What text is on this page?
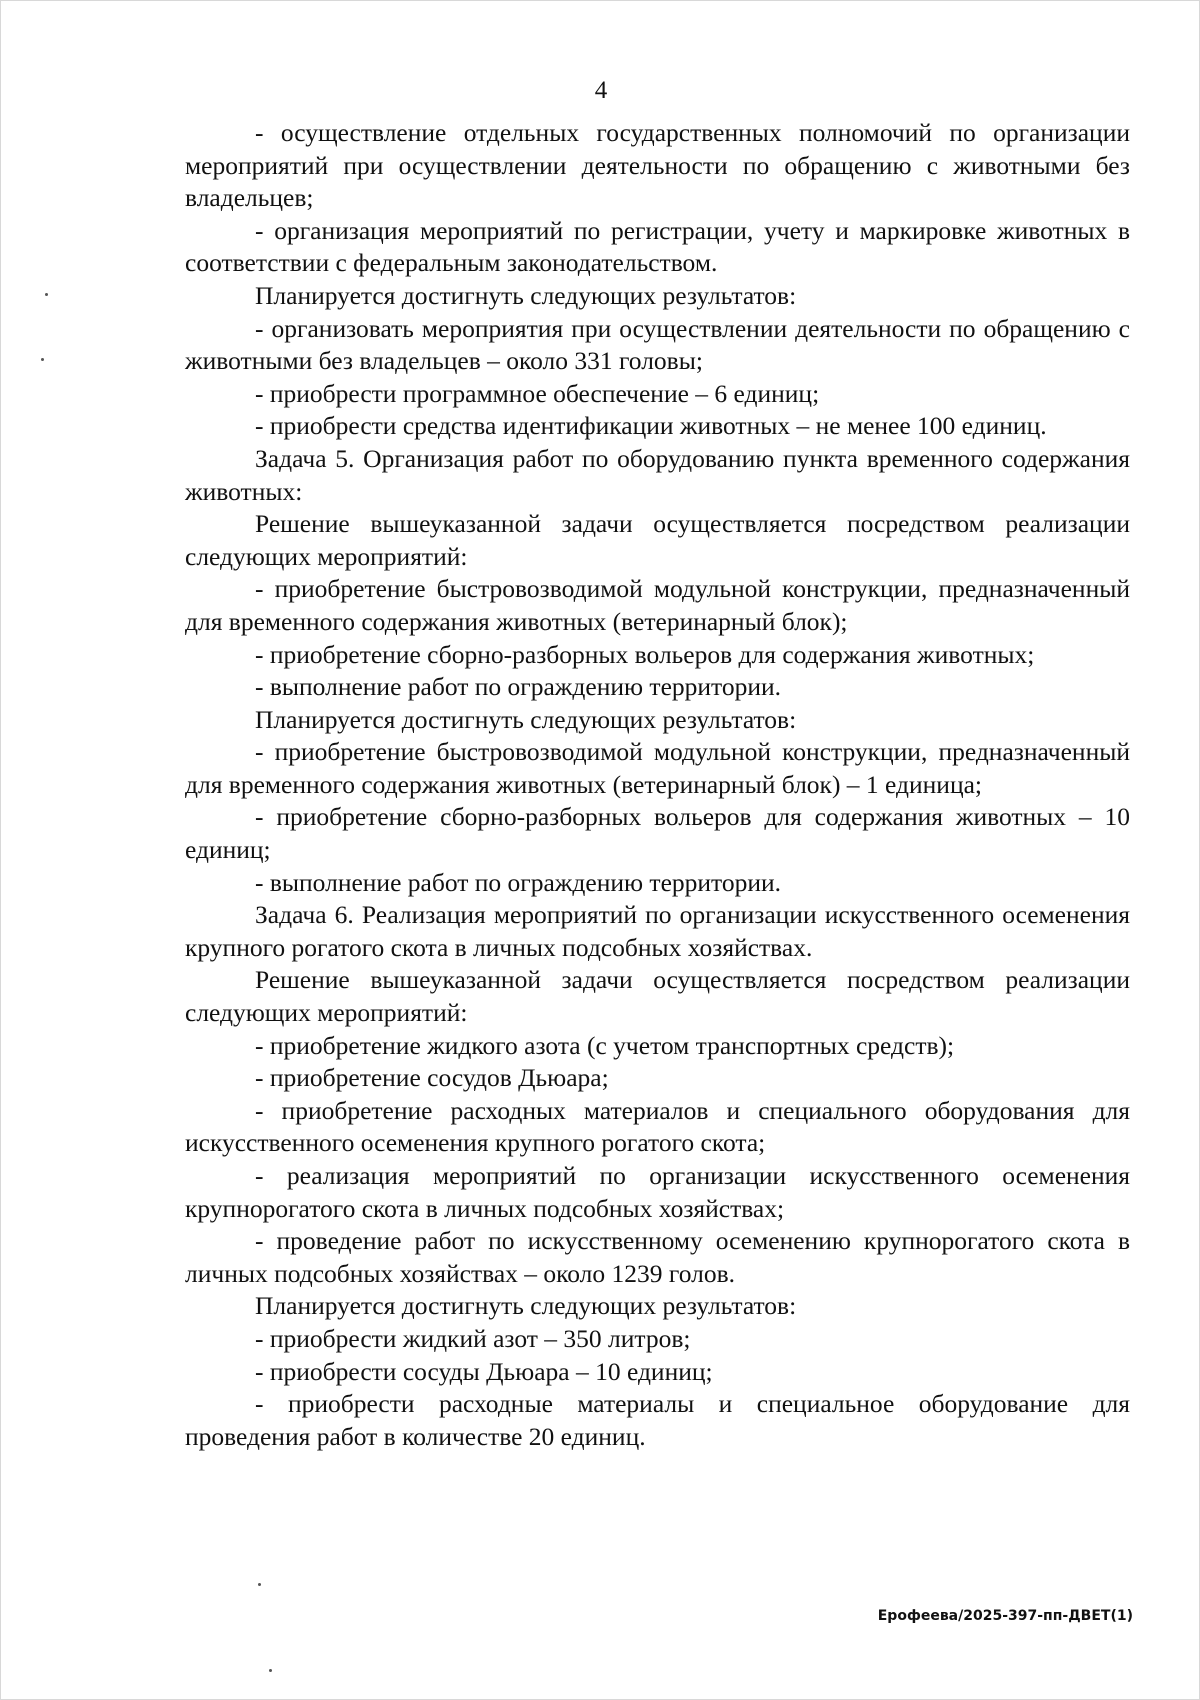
4

- осуществление отдельных государственных полномочий по организации мероприятий при осуществлении деятельности по обращению с животными без владельцев;

- организация мероприятий по регистрации, учету и маркировке животных в соответствии с федеральным законодательством.

Планируется достигнуть следующих результатов:

- организовать мероприятия при осуществлении деятельности по обращению с животными без владельцев – около 331 головы;

- приобрести программное обеспечение – 6 единиц;

- приобрести средства идентификации животных – не менее 100 единиц.

Задача 5. Организация работ по оборудованию пункта временного содержания животных:

Решение вышеуказанной задачи осуществляется посредством реализации следующих мероприятий:

- приобретение быстровозводимой модульной конструкции, предназначенный для временного содержания животных (ветеринарный блок);

- приобретение сборно-разборных вольеров для содержания животных;

- выполнение работ по ограждению территории.

Планируется достигнуть следующих результатов:

- приобретение быстровозводимой модульной конструкции, предназначенный для временного содержания животных (ветеринарный блок) – 1 единица;

- приобретение сборно-разборных вольеров для содержания животных – 10 единиц;

- выполнение работ по ограждению территории.

Задача 6. Реализация мероприятий по организации искусственного осеменения крупного рогатого скота в личных подсобных хозяйствах.

Решение вышеуказанной задачи осуществляется посредством реализации следующих мероприятий:

- приобретение жидкого азота (с учетом транспортных средств);

- приобретение сосудов Дьюара;

- приобретение расходных материалов и специального оборудования для искусственного осеменения крупного рогатого скота;

- реализация мероприятий по организации искусственного осеменения крупнорогатого скота в личных подсобных хозяйствах;

- проведение работ по искусственному осеменению крупнорогатого скота в личных подсобных хозяйствах – около 1239 голов.

Планируется достигнуть следующих результатов:

- приобрести жидкий азот – 350 литров;

- приобрести сосуды Дьюара – 10 единиц;

- приобрести расходные материалы и специальное оборудование для проведения работ в количестве 20 единиц.

Ерофеева/2025-397-пп-ДВЕТ(1)
